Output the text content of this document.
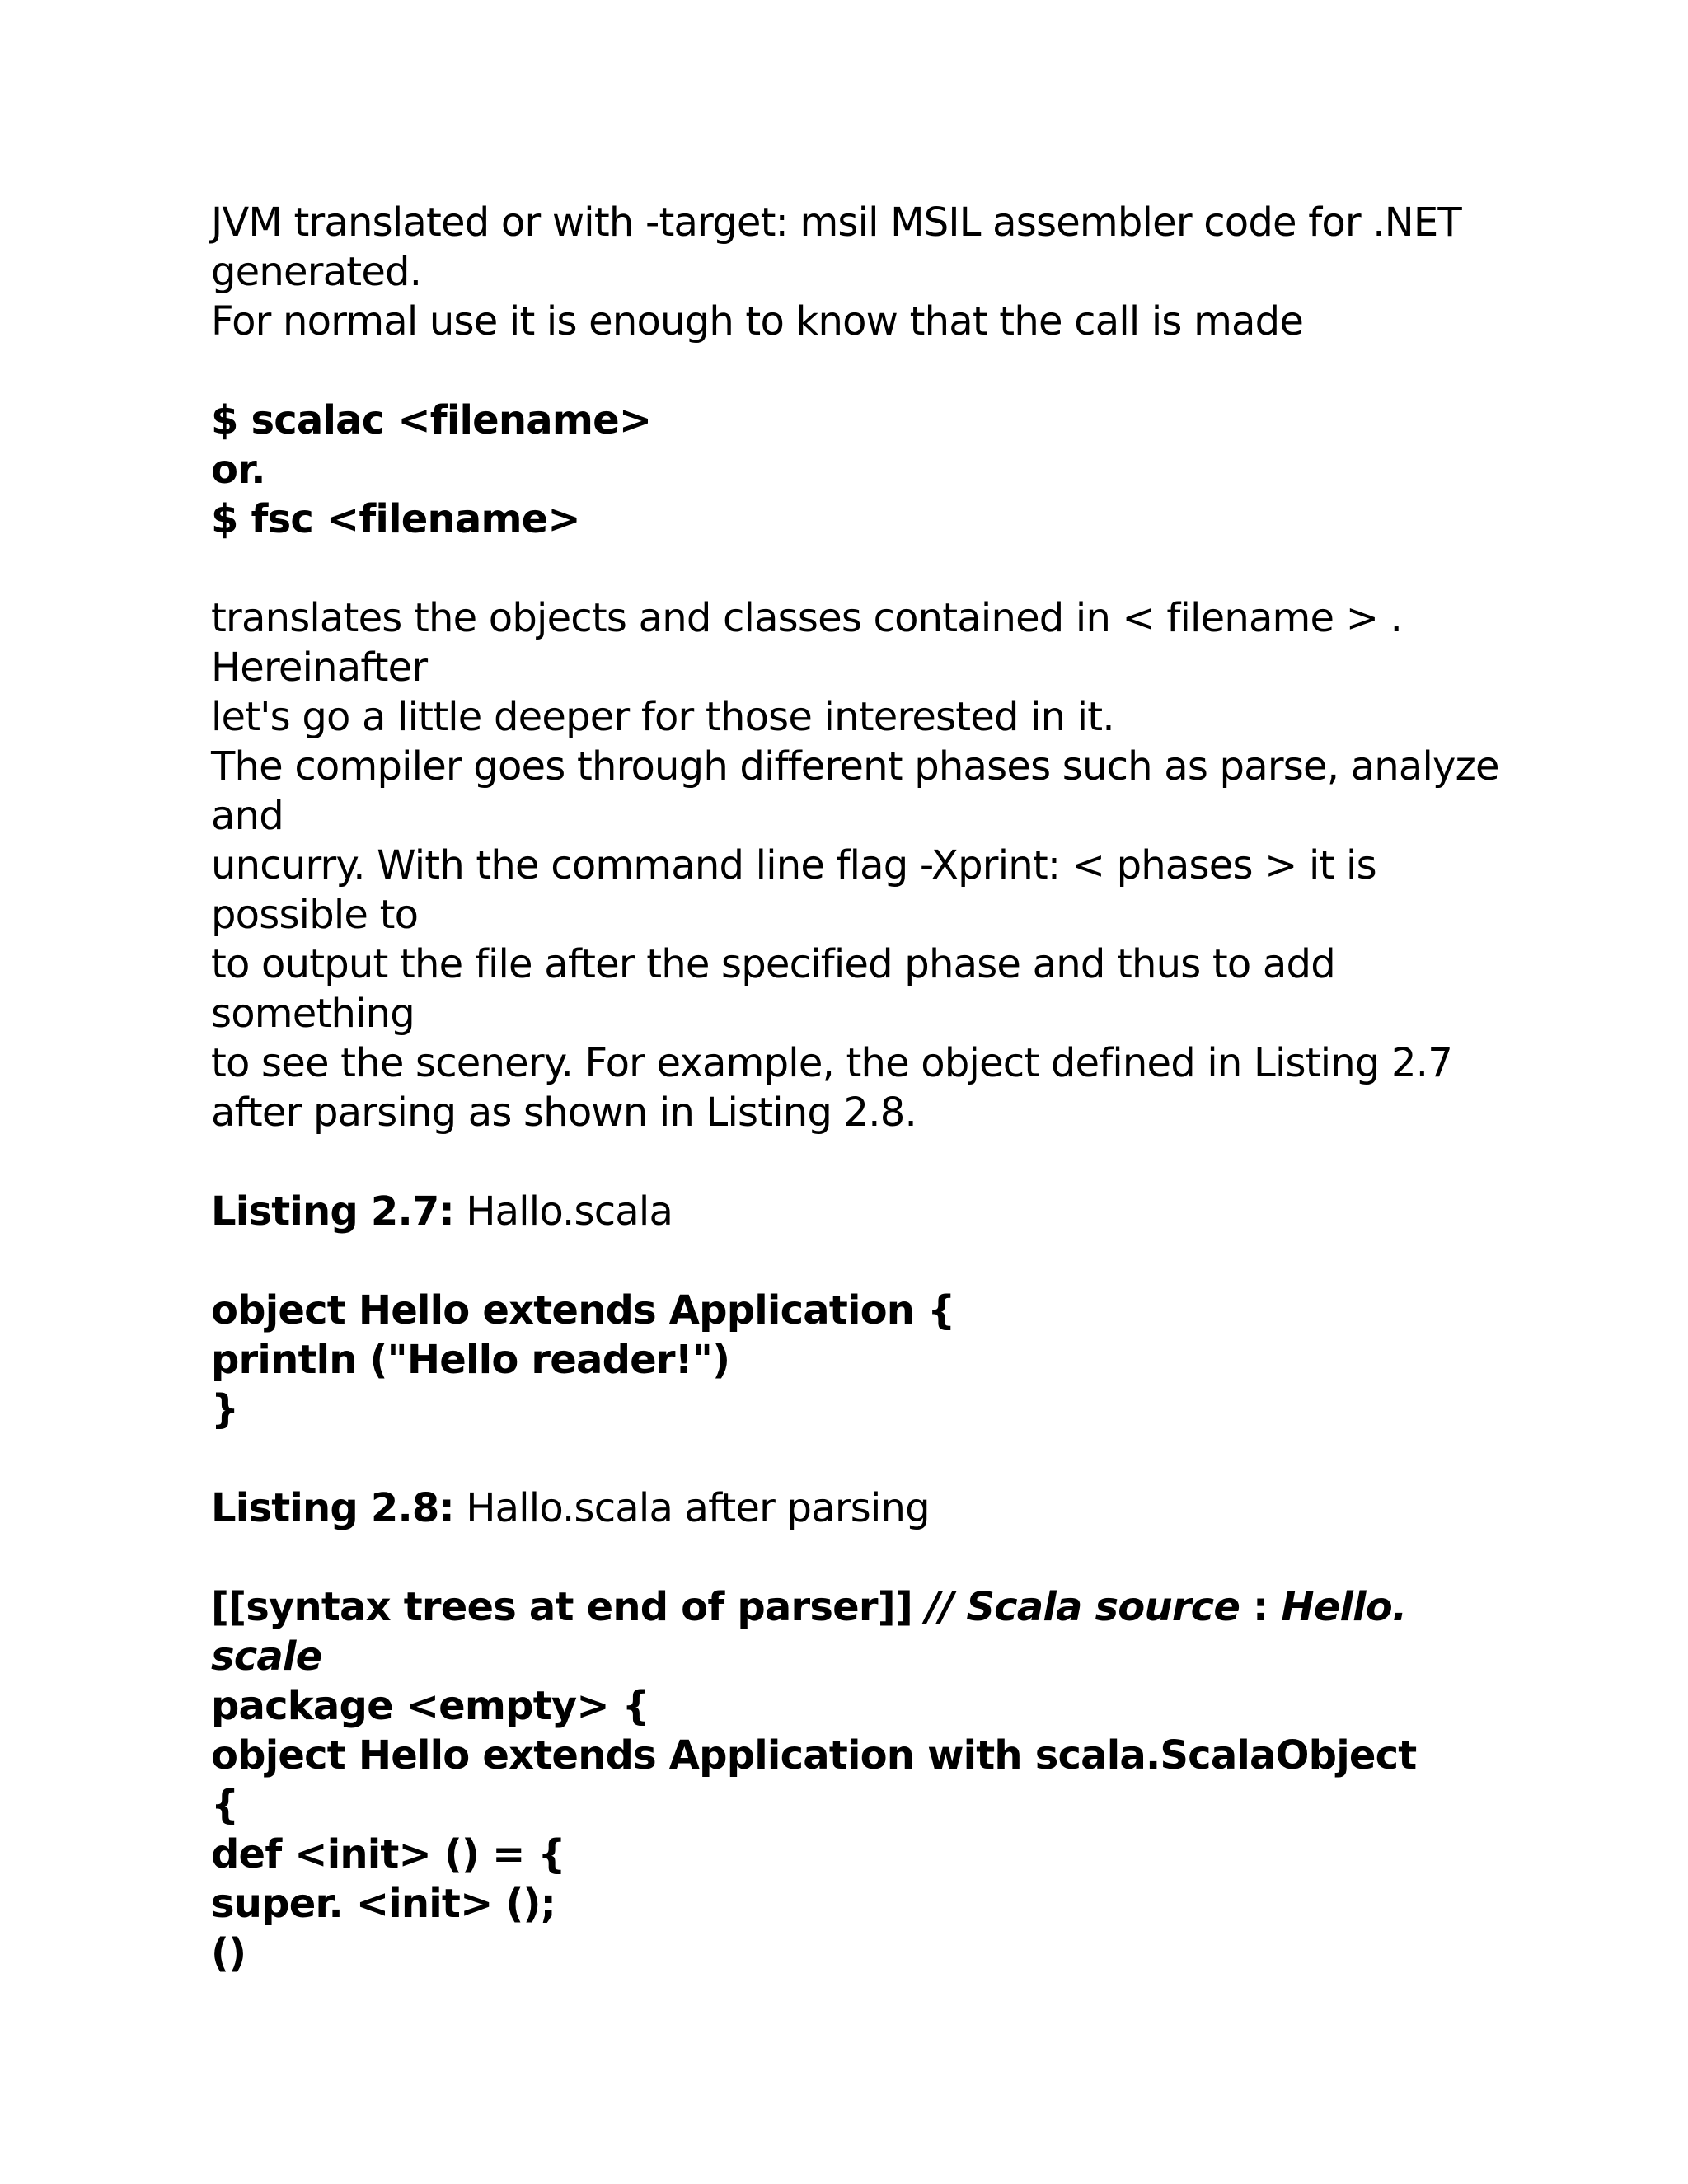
JVM translated or with -target: msil MSIL assembler code for .NET
generated.
For normal use it is enough to know that the call is made
$ scalac <filename>
or.
$ fsc <filename>
translates the objects and classes contained in < filename > .
Hereinafter
let's go a little deeper for those interested in it.
The compiler goes through different phases such as parse, analyze
and
uncurry. With the command line flag -Xprint: < phases > it is
possible to
to output the file after the specified phase and thus to add
something
to see the scenery. For example, the object defined in Listing 2.7
after parsing as shown in Listing 2.8.
Listing 2.7: Hallo.scala
object Hello extends Application {
println ("Hello reader!")
}
Listing 2.8: Hallo.scala after parsing
[[syntax trees at end of parser]] // Scala source : Hello.
scale
package <empty> {
object Hello extends Application with scala.ScalaObject
{
def <init> () = {
super. <init> ();
()
